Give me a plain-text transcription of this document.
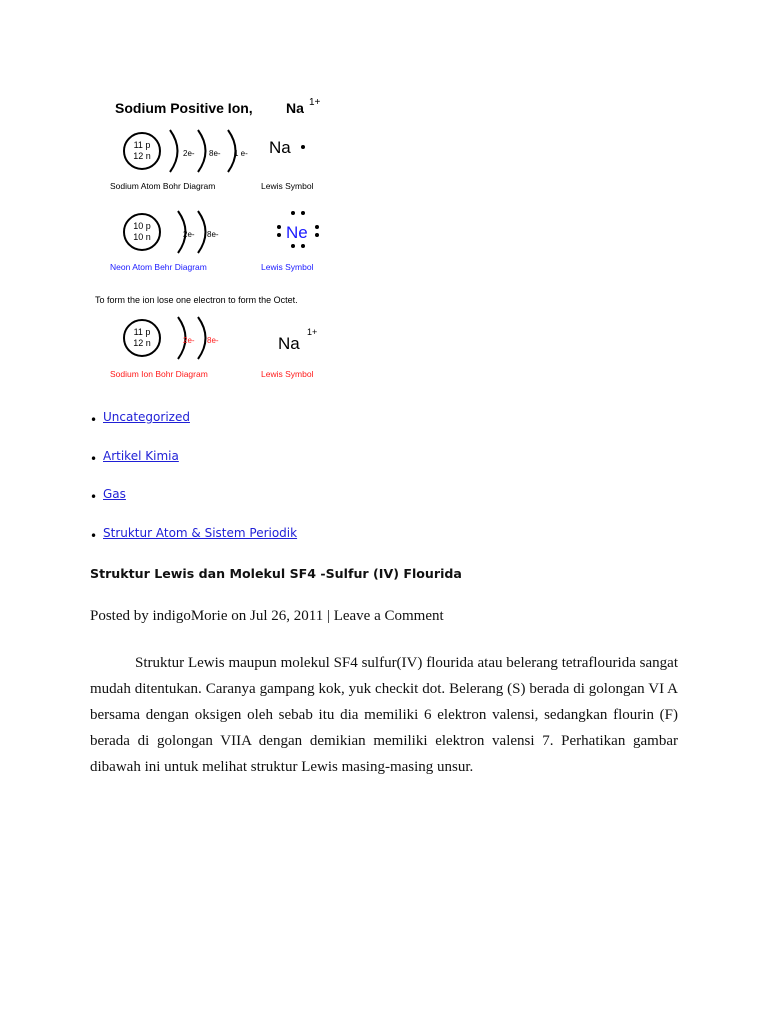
Sodium Positive Ion, Na 1+
11 p
12 n	2e- 8e- 1 e-
Sodium Atom Bohr Diagram
Na
Lewis Symbol
10 p
10 n	2e- 8e-
Neon Atom Behr Diagram
Ne
Lewis Symbol
To form the ion lose one electron to form the Octet.
11 p
12 n	2e- 8e-
Sodium Ion Bohr Diagram
Na
1+
Lewis Symbol
• Uncategorized
• Artikel Kimia
• Gas
• Struktur Atom & Sistem Periodik
Struktur Lewis dan Molekul SF4 -Sulfur (IV) Flourida
Posted by indigoMorie on Jul 26, 2011 | Leave a Comment

Struktur Lewis maupun molekul SF4 sulfur(IV) flourida atau belerang tetraflourida sangat mudah ditentukan. Caranya gampang kok, yuk checkit dot. Belerang (S) berada di golongan VI A bersama dengan oksigen oleh sebab itu dia memiliki 6 elektron valensi, sedangkan flourin (F) berada di golongan VIIA dengan demikian memiliki elektron valensi 7. Perhatikan gambar dibawah ini untuk melihat struktur Lewis masing-masing unsur.
